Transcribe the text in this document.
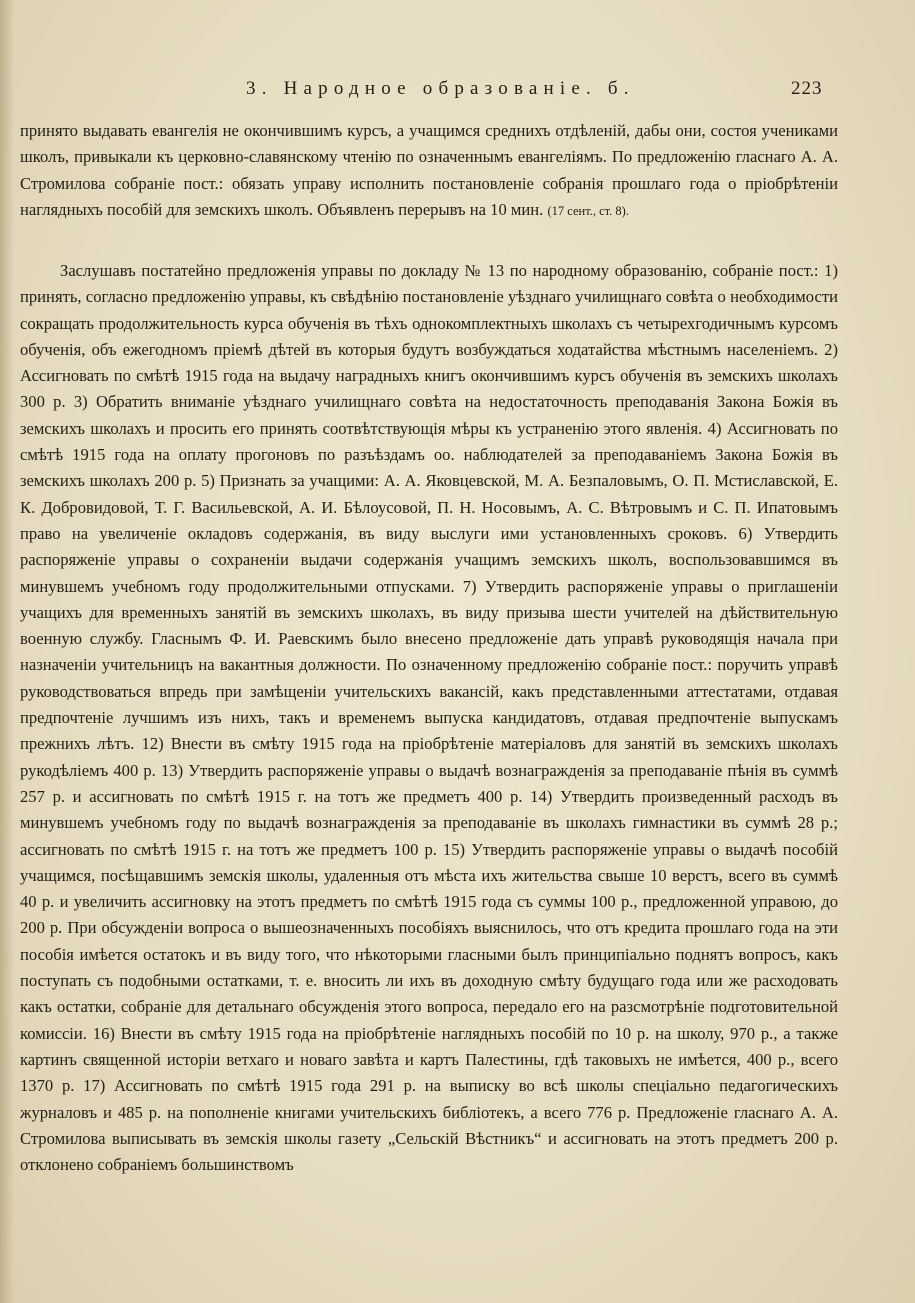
3. Народное образованіе. б.	223

принято выдавать евангелія не окончившимъ курсъ, а учащимся среднихъ отдѣленій, дабы они, состоя учениками школъ, привыкали къ церковно-славянскому чтенію по означеннымъ евангеліямъ. По предложенію гласнаго А. А. Стромилова собраніе пост.: обязать управу исполнить постановленіе собранія прошлаго года о пріобрѣтеніи наглядныхъ пособій для земскихъ школъ. Объявленъ перерывъ на 10 мин. (17 сент., ст. 8).

Заслушавъ постатейно предложенія управы по докладу № 13 по народному образованію, собраніе пост.: 1) принять, согласно предложенію управы, къ свѣдѣнію постановленіе уѣзднаго училищнаго совѣта о необходимости сокращать продолжительность курса обученія въ тѣхъ однокомплектныхъ школахъ съ четырехгодичнымъ курсомъ обученія, объ ежегодномъ пріемѣ дѣтей въ которыя будутъ возбуждаться ходатайства мѣстнымъ населеніемъ. 2) Ассигновать по смѣтѣ 1915 года на выдачу наградныхъ книгъ окончившимъ курсъ обученія въ земскихъ школахъ 300 р. 3) Обратить вниманіе уѣзднаго училищнаго совѣта на недостаточность преподаванія Закона Божія въ земскихъ школахъ и просить его принять соотвѣтствующія мѣры къ устраненію этого явленія. 4) Ассигновать по смѣтѣ 1915 года на оплату прогоновъ по разъѣздамъ оо. наблюдателей за преподаваніемъ Закона Божія въ земскихъ школахъ 200 р. 5) Признать за учащими: А. А. Яковцевской, М. А. Безпаловымъ, О. П. Мстиславской, Е. К. Добровидовой, Т. Г. Васильевской, А. И. Бѣлоусовой, П. Н. Носовымъ, А. С. Вѣтровымъ и С. П. Ипатовымъ право на увеличеніе окладовъ содержанія, въ виду выслуги ими установленныхъ сроковъ. 6) Утвердить распоряженіе управы о сохраненіи выдачи содержанія учащимъ земскихъ школъ, воспользовавшимся въ минувшемъ учебномъ году продолжительными отпусками. 7) Утвердить распоряженіе управы о приглашеніи учащихъ для временныхъ занятій въ земскихъ школахъ, въ виду призыва шести учителей на дѣйствительную военную службу. Гласнымъ Ф. И. Раевскимъ было внесено предложеніе дать управѣ руководящія начала при назначеніи учительницъ на вакантныя должности. По означенному предложенію собраніе пост.: поручить управѣ руководствоваться впредь при замѣщеніи учительскихъ вакансій, какъ представленными аттестатами, отдавая предпочтеніе лучшимъ изъ нихъ, такъ и временемъ выпуска кандидатовъ, отдавая предпочтеніе выпускамъ прежнихъ лѣтъ. 12) Внести въ смѣту 1915 года на пріобрѣтеніе матеріаловъ для занятій въ земскихъ школахъ рукодѣліемъ 400 р. 13) Утвердить распоряженіе управы о выдачѣ вознагражденія за преподаваніе пѣнія въ суммѣ 257 р. и ассигновать по смѣтѣ 1915 г. на тотъ же предметъ 400 р. 14) Утвердить произведенный расходъ въ минувшемъ учебномъ году по выдачѣ вознагражденія за преподаваніе въ школахъ гимнастики въ суммѣ 28 р.; ассигновать по смѣтѣ 1915 г. на тотъ же предметъ 100 р. 15) Утвердить распоряженіе управы о выдачѣ пособій учащимся, посѣщавшимъ земскія школы, удаленныя отъ мѣста ихъ жительства свыше 10 верстъ, всего въ суммѣ 40 р. и увеличить ассигновку на этотъ предметъ по смѣтѣ 1915 года съ суммы 100 р., предложенной управою, до 200 р. При обсужденіи вопроса о вышеозначенныхъ пособіяхъ выяснилось, что отъ кредита прошлаго года на эти пособія имѣется остатокъ и въ виду того, что нѣкоторыми гласными былъ принципіально поднятъ вопросъ, какъ поступать съ подобными остатками, т. е. вносить ли ихъ въ доходную смѣту будущаго года или же расходовать какъ остатки, собраніе для детальнаго обсужденія этого вопроса, передало его на разсмотрѣніе подготовительной комиссіи. 16) Внести въ смѣту 1915 года на пріобрѣтеніе наглядныхъ пособій по 10 р. на школу, 970 р., а также картинъ священной исторіи ветхаго и новаго завѣта и картъ Палестины, гдѣ таковыхъ не имѣется, 400 р., всего 1370 р. 17) Ассигновать по смѣтѣ 1915 года 291 р. на выписку во всѣ школы спеціально педагогическихъ журналовъ и 485 р. на пополненіе книгами учительскихъ библіотекъ, а всего 776 р. Предложеніе гласнаго А. А. Стромилова выписывать въ земскія школы газету „Сельскій Вѣстникъ“ и ассигновать на этотъ предметъ 200 р. отклонено собраніемъ большинствомъ
